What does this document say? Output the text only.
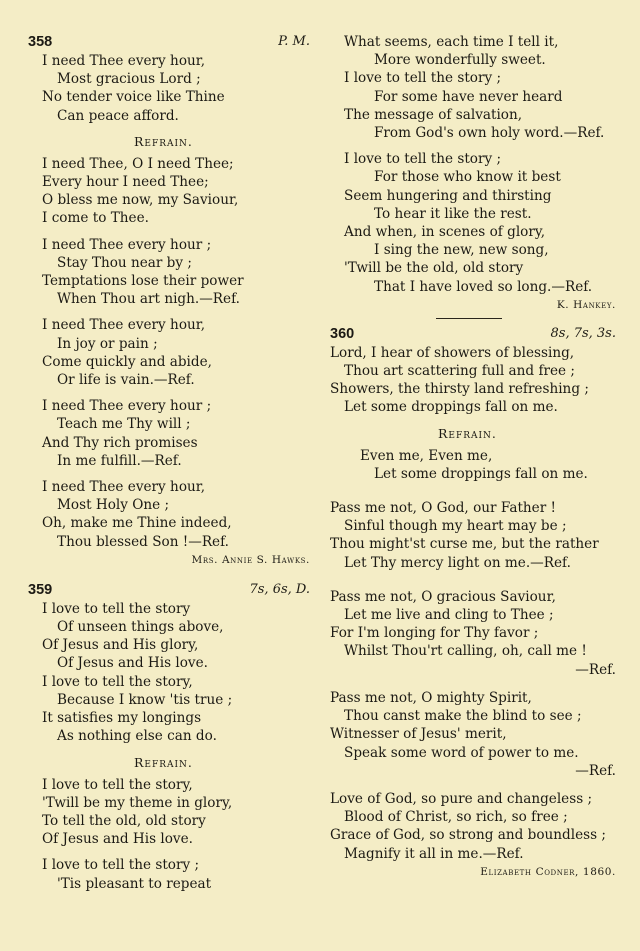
358	P. M.
I need Thee every hour,
Most gracious Lord ;
No tender voice like Thine
Can peace afford.
Refrain.
I need Thee, O I need Thee;
Every hour I need Thee;
O bless me now, my Saviour,
I come to Thee.
I need Thee every hour ;
Stay Thou near by ;
Temptations lose their power
When Thou art nigh.—Ref.
I need Thee every hour,
In joy or pain ;
Come quickly and abide,
Or life is vain.—Ref.
I need Thee every hour ;
Teach me Thy will ;
And Thy rich promises
In me fulfill.—Ref.
I need Thee every hour,
Most Holy One ;
Oh, make me Thine indeed,
Thou blessed Son !—Ref.
Mrs. Annie S. Hawks.
359	7s, 6s, D.
I love to tell the story
Of unseen things above,
Of Jesus and His glory,
Of Jesus and His love.
I love to tell the story,
Because I know 'tis true ;
It satisfies my longings
As nothing else can do.
Refrain.
I love to tell the story,
'Twill be my theme in glory,
To tell the old, old story
Of Jesus and His love.
I love to tell the story ;
'Tis pleasant to repeat
What seems, each time I tell it,
More wonderfully sweet.
I love to tell the story ;
For some have never heard
The message of salvation,
From God's own holy word.—Ref.
I love to tell the story ;
For those who know it best
Seem hungering and thirsting
To hear it like the rest.
And when, in scenes of glory,
I sing the new, new song,
'Twill be the old, old story
That I have loved so long.—Ref.
K. Hankey.
360	8s, 7s, 3s.
Lord, I hear of showers of blessing,
Thou art scattering full and free ;
Showers, the thirsty land refreshing ;
Let some droppings fall on me.
Refrain.
Even me, Even me,
Let some droppings fall on me.
Pass me not, O God, our Father !
Sinful though my heart may be ;
Thou might'st curse me, but the rather
Let Thy mercy light on me.—Ref.
Pass me not, O gracious Saviour,
Let me live and cling to Thee ;
For I'm longing for Thy favor ;
Whilst Thou'rt calling, oh, call me !
—Ref.
Pass me not, O mighty Spirit,
Thou canst make the blind to see ;
Witnesser of Jesus' merit,
Speak some word of power to me.
—Ref.
Love of God, so pure and changeless ;
Blood of Christ, so rich, so free ;
Grace of God, so strong and boundless ;
Magnify it all in me.—Ref.
Elizabeth Codner, 1860.
